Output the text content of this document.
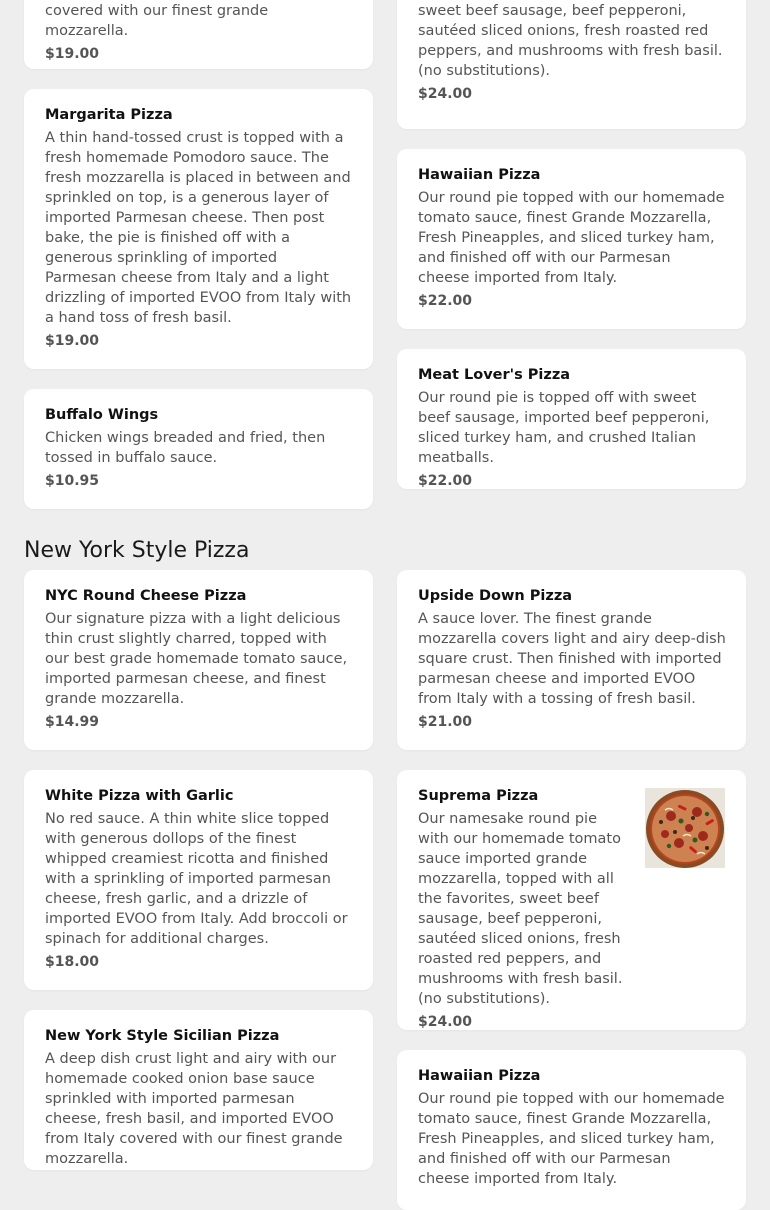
covered with our finest grande mozzarella.
$19.00
Margarita Pizza
A thin hand-tossed crust is topped with a fresh homemade Pomodoro sauce. The fresh mozzarella is placed in between and sprinkled on top, is a generous layer of imported Parmesan cheese. Then post bake, the pie is finished off with a generous sprinkling of imported Parmesan cheese from Italy and a light drizzling of imported EVOO from Italy with a hand toss of fresh basil.
$19.00
Buffalo Wings
Chicken wings breaded and fried, then tossed in buffalo sauce.
$10.95
sweet beef sausage, beef pepperoni, sautéed sliced onions, fresh roasted red peppers, and mushrooms with fresh basil. (no substitutions).
$24.00
Hawaiian Pizza
Our round pie topped with our homemade tomato sauce, finest Grande Mozzarella, Fresh Pineapples, and sliced turkey ham, and finished off with our Parmesan cheese imported from Italy.
$22.00
Meat Lover's Pizza
Our round pie is topped off with sweet beef sausage, imported beef pepperoni, sliced turkey ham, and crushed Italian meatballs.
$22.00
New York Style Pizza
NYC Round Cheese Pizza
Our signature pizza with a light delicious thin crust slightly charred, topped with our best grade homemade tomato sauce, imported parmesan cheese, and finest grande mozzarella.
$14.99
White Pizza with Garlic
No red sauce. A thin white slice topped with generous dollops of the finest whipped creamiest ricotta and finished with a sprinkling of imported parmesan cheese, fresh garlic, and a drizzle of imported EVOO from Italy. Add broccoli or spinach for additional charges.
$18.00
New York Style Sicilian Pizza
A deep dish crust light and airy with our homemade cooked onion base sauce sprinkled with imported parmesan cheese, fresh basil, and imported EVOO from Italy covered with our finest grande mozzarella.
Upside Down Pizza
A sauce lover. The finest grande mozzarella covers light and airy deep-dish square crust. Then finished with imported parmesan cheese and imported EVOO from Italy with a tossing of fresh basil.
$21.00
Suprema Pizza
Our namesake round pie with our homemade tomato sauce imported grande mozzarella, topped with all the favorites, sweet beef sausage, beef pepperoni, sautéed sliced onions, fresh roasted red peppers, and mushrooms with fresh basil. (no substitutions).
$24.00
Hawaiian Pizza
Our round pie topped with our homemade tomato sauce, finest Grande Mozzarella, Fresh Pineapples, and sliced turkey ham, and finished off with our Parmesan cheese imported from Italy.
